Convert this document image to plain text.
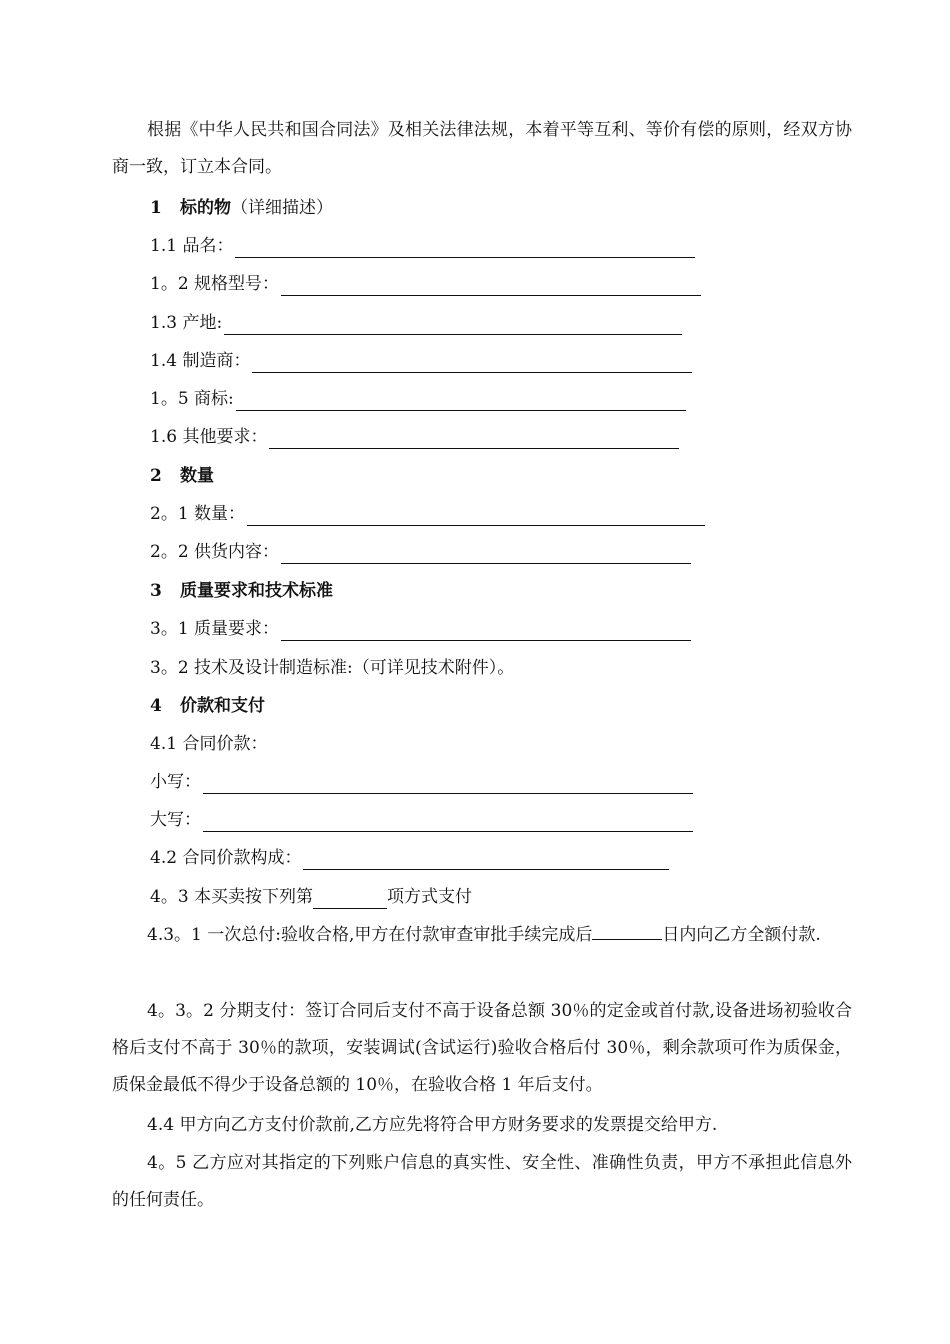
根据《中华人民共和国合同法》及相关法律法规，本着平等互利、等价有偿的原则，经双方协商一致，订立本合同。
1	标的物 （详细描述）
1.1 品名：
1。2 规格型号：
1.3 产地:
1.4 制造商：
1。5 商标:
1.6 其他要求：
2	数量
2。1 数量：
2。2 供货内容：
3	质量要求和技术标准
3。1 质量要求：
3。2 技术及设计制造标准:（可详见技术附件）。
4	价款和支付
4.1 合同价款：
小写：
大写：
4.2 合同价款构成：
4。3 本买卖按下列第	项方式支付
4.3。1 一次总付:验收合格,甲方在付款审查审批手续完成后	日内向乙方全额付款.
4。3。2 分期支付：签订合同后支付不高于设备总额 30％的定金或首付款,设备进场初验收合格后支付不高于 30％的款项，安装调试(含试运行)验收合格后付 30％，剩余款项可作为质保金，质保金最低不得少于设备总额的 10％，在验收合格 1 年后支付。
4.4 甲方向乙方支付价款前,乙方应先将符合甲方财务要求的发票提交给甲方.
4。5 乙方应对其指定的下列账户信息的真实性、安全性、准确性负责，甲方不承担此信息外的任何责任。
